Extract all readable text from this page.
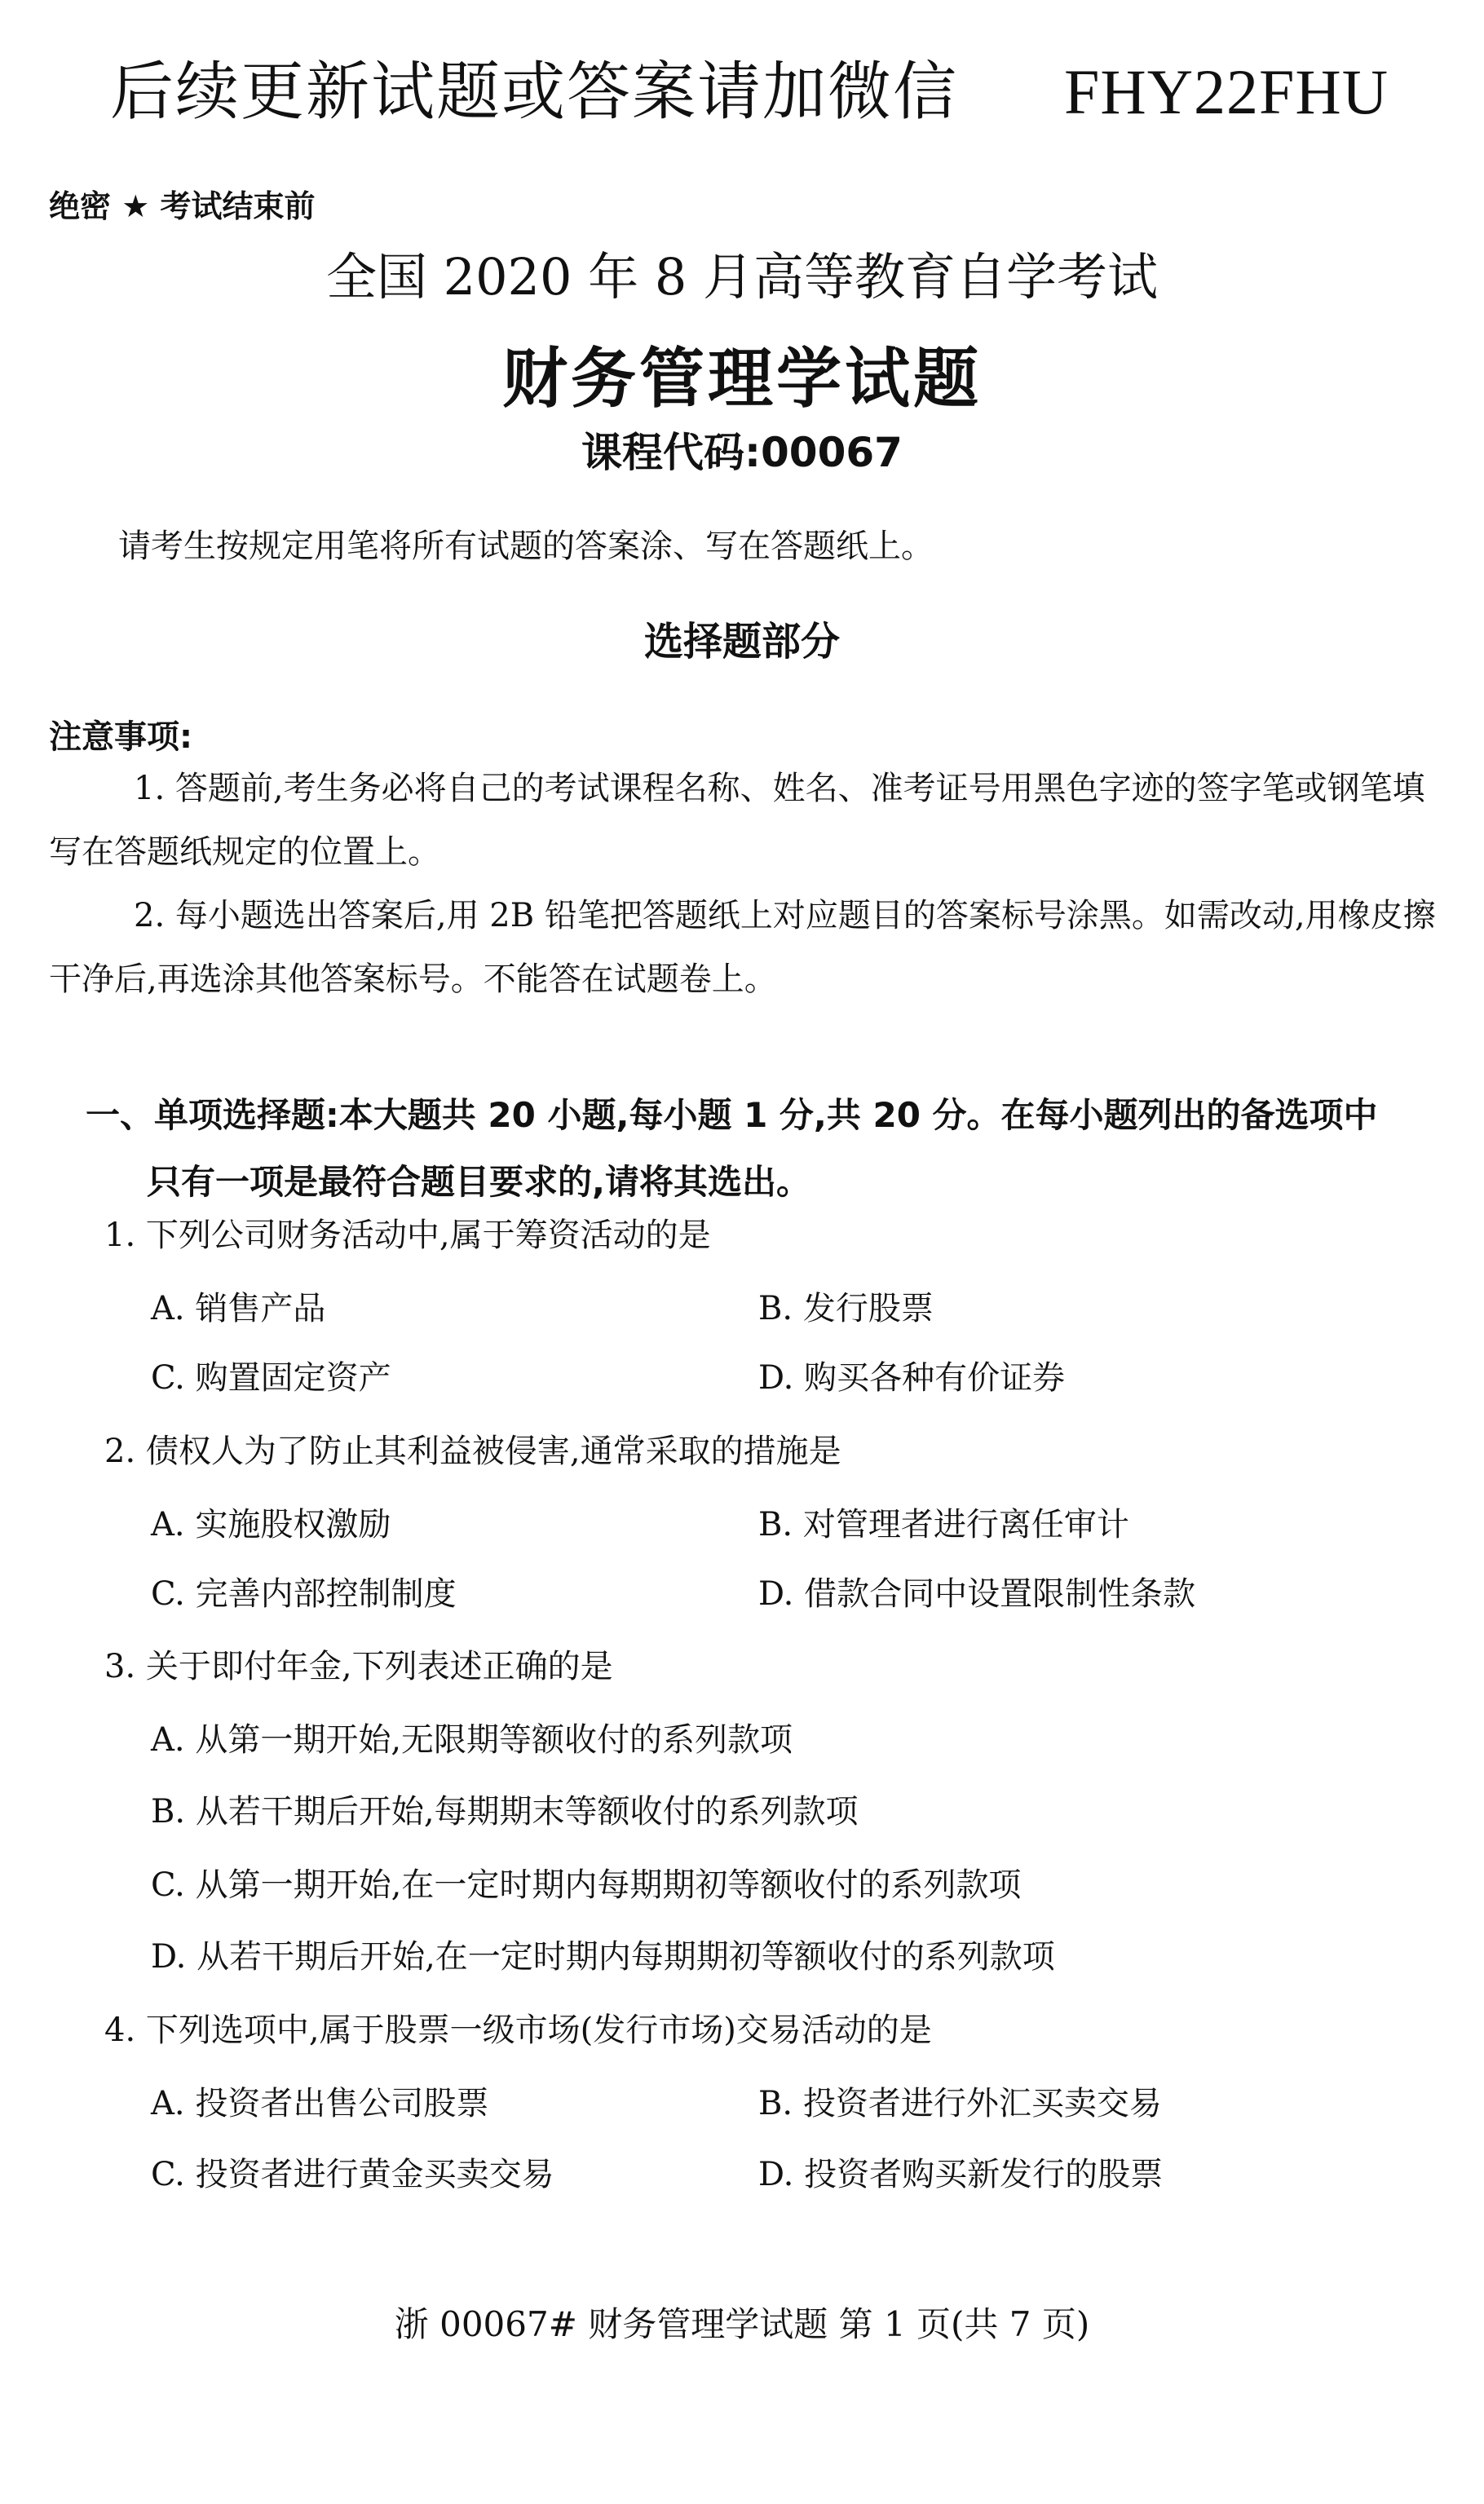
后续更新试题或答案请加微信 FHY22FHU
绝密 ★ 考试结束前
全国 2020 年 8 月高等教育自学考试
财务管理学试题
课程代码:00067
请考生按规定用笔将所有试题的答案涂、写在答题纸上。
选择题部分
注意事项:
1. 答题前,考生务必将自己的考试课程名称、姓名、准考证号用黑色字迹的签字笔或钢笔填写在答题纸规定的位置上。
2. 每小题选出答案后,用 2B 铅笔把答题纸上对应题目的答案标号涂黑。如需改动,用橡皮擦干净后,再选涂其他答案标号。不能答在试题卷上。
一、单项选择题:本大题共 20 小题,每小题 1 分,共 20 分。在每小题列出的备选项中
只有一项是最符合题目要求的,请将其选出。
1. 下列公司财务活动中,属于筹资活动的是
A. 销售产品	B. 发行股票
C. 购置固定资产	D. 购买各种有价证券
2. 债权人为了防止其利益被侵害,通常采取的措施是
A. 实施股权激励	B. 对管理者进行离任审计
C. 完善内部控制制度	D. 借款合同中设置限制性条款
3. 关于即付年金,下列表述正确的是
A. 从第一期开始,无限期等额收付的系列款项
B. 从若干期后开始,每期期末等额收付的系列款项
C. 从第一期开始,在一定时期内每期期初等额收付的系列款项
D. 从若干期后开始,在一定时期内每期期初等额收付的系列款项
4. 下列选项中,属于股票一级市场(发行市场)交易活动的是
A. 投资者出售公司股票	B. 投资者进行外汇买卖交易
C. 投资者进行黄金买卖交易	D. 投资者购买新发行的股票
浙 00067# 财务管理学试题 第 1 页(共 7 页)
